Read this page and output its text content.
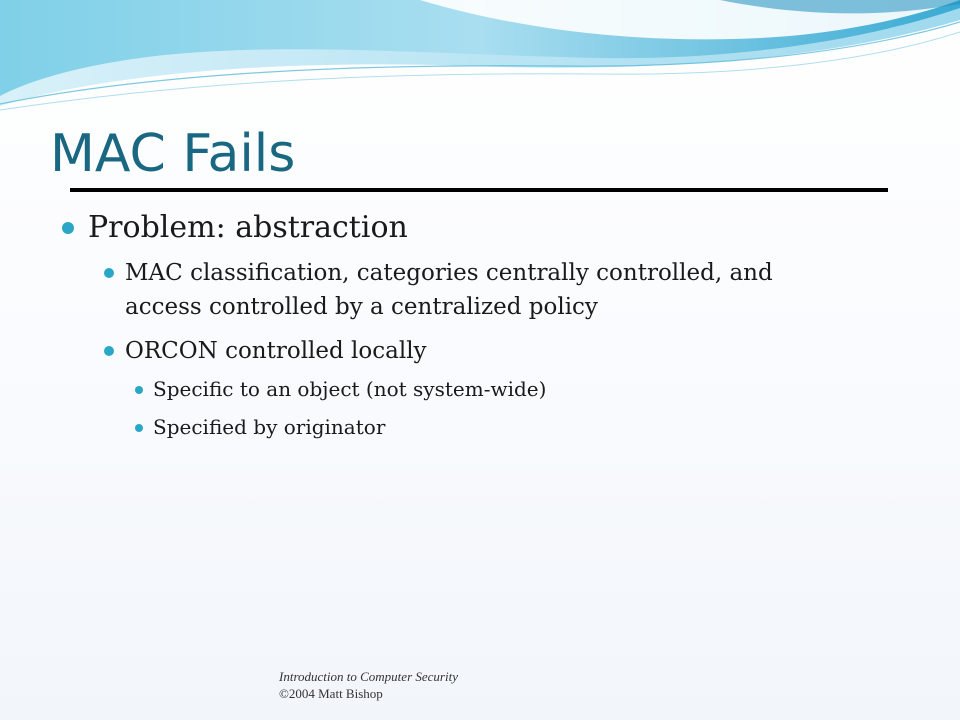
MAC Fails
Problem: abstraction
MAC classification, categories centrally controlled, and
access controlled by a centralized policy
ORCON controlled locally
Specific to an object (not system-wide)
Specified by originator
Introduction to Computer Security
©2004 Matt Bishop
